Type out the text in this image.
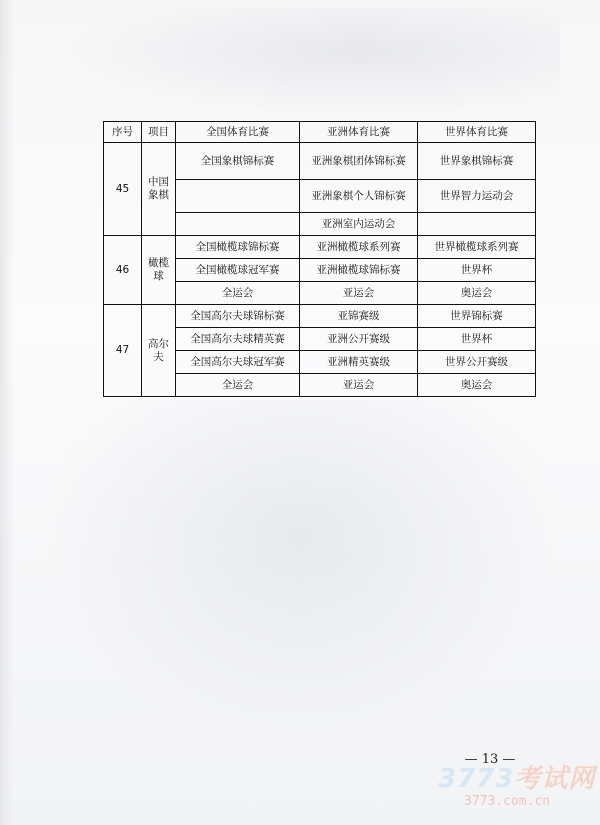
序号	项目	全国体育比赛	亚洲体育比赛	世界体育比赛
45	中国象棋	全国象棋锦标赛	亚洲象棋团体锦标赛	世界象棋锦标赛
			亚洲象棋个人锦标赛	世界智力运动会
			亚洲室内运动会	
46	橄榄球	全国橄榄球锦标赛	亚洲橄榄球系列赛	世界橄榄球系列赛
		全国橄榄球冠军赛	亚洲橄榄球锦标赛	世界杯
		全运会	亚运会	奥运会
47	高尔夫	全国高尔夫球锦标赛	亚锦赛级	世界锦标赛
		全国高尔夫球精英赛	亚洲公开赛级	世界杯
		全国高尔夫球冠军赛	亚洲精英赛级	世界公开赛级
		全运会	亚运会	奥运会
— 13 —
3773考试网
3773.com.cn
